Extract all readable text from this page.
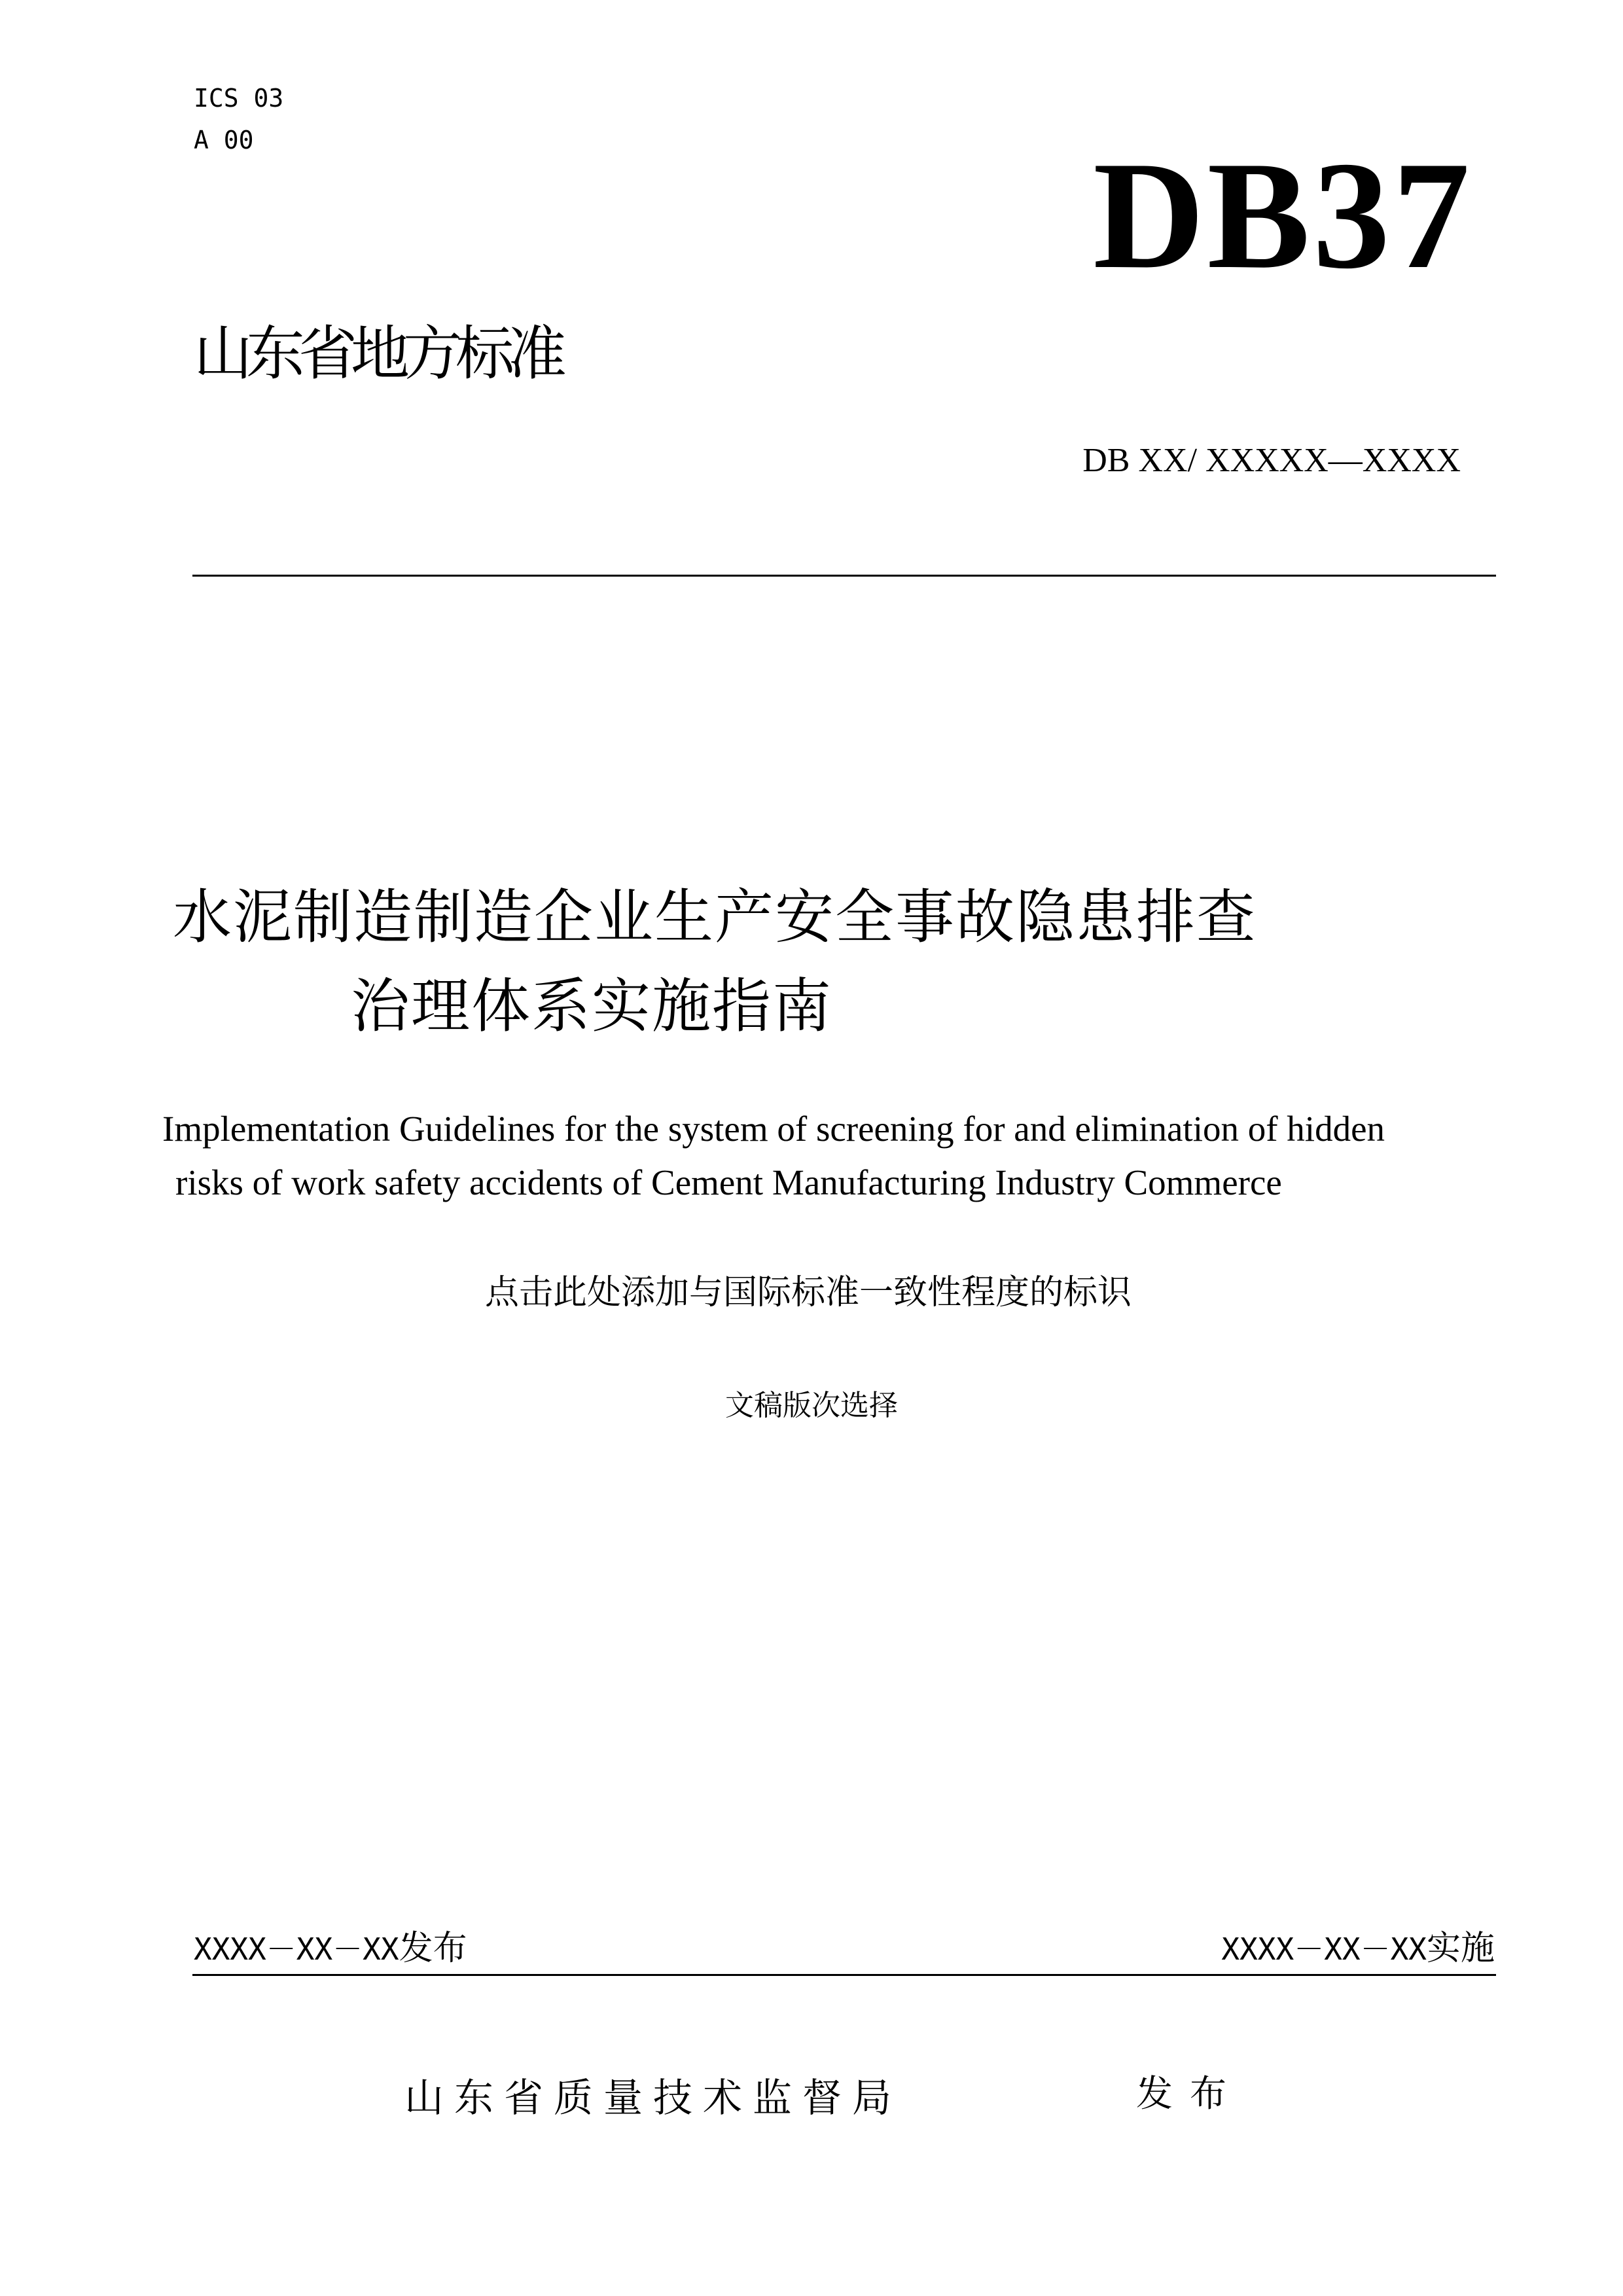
ICS 03
A 00	DB37
山东省地方标准
DB XX/ XXXXX—XXXX
水泥制造制造企业生产安全事故隐患排查
治理体系实施指南
Implementation Guidelines for the system of screening for and elimination of hidden
risks of work safety accidents of Cement Manufacturing Industry Commerce
点击此处添加与国际标准一致性程度的标识
文稿版次选择
XXXX－XX－XX发布	XXXX－XX－XX实施
山东省质量技术监督局	发布
